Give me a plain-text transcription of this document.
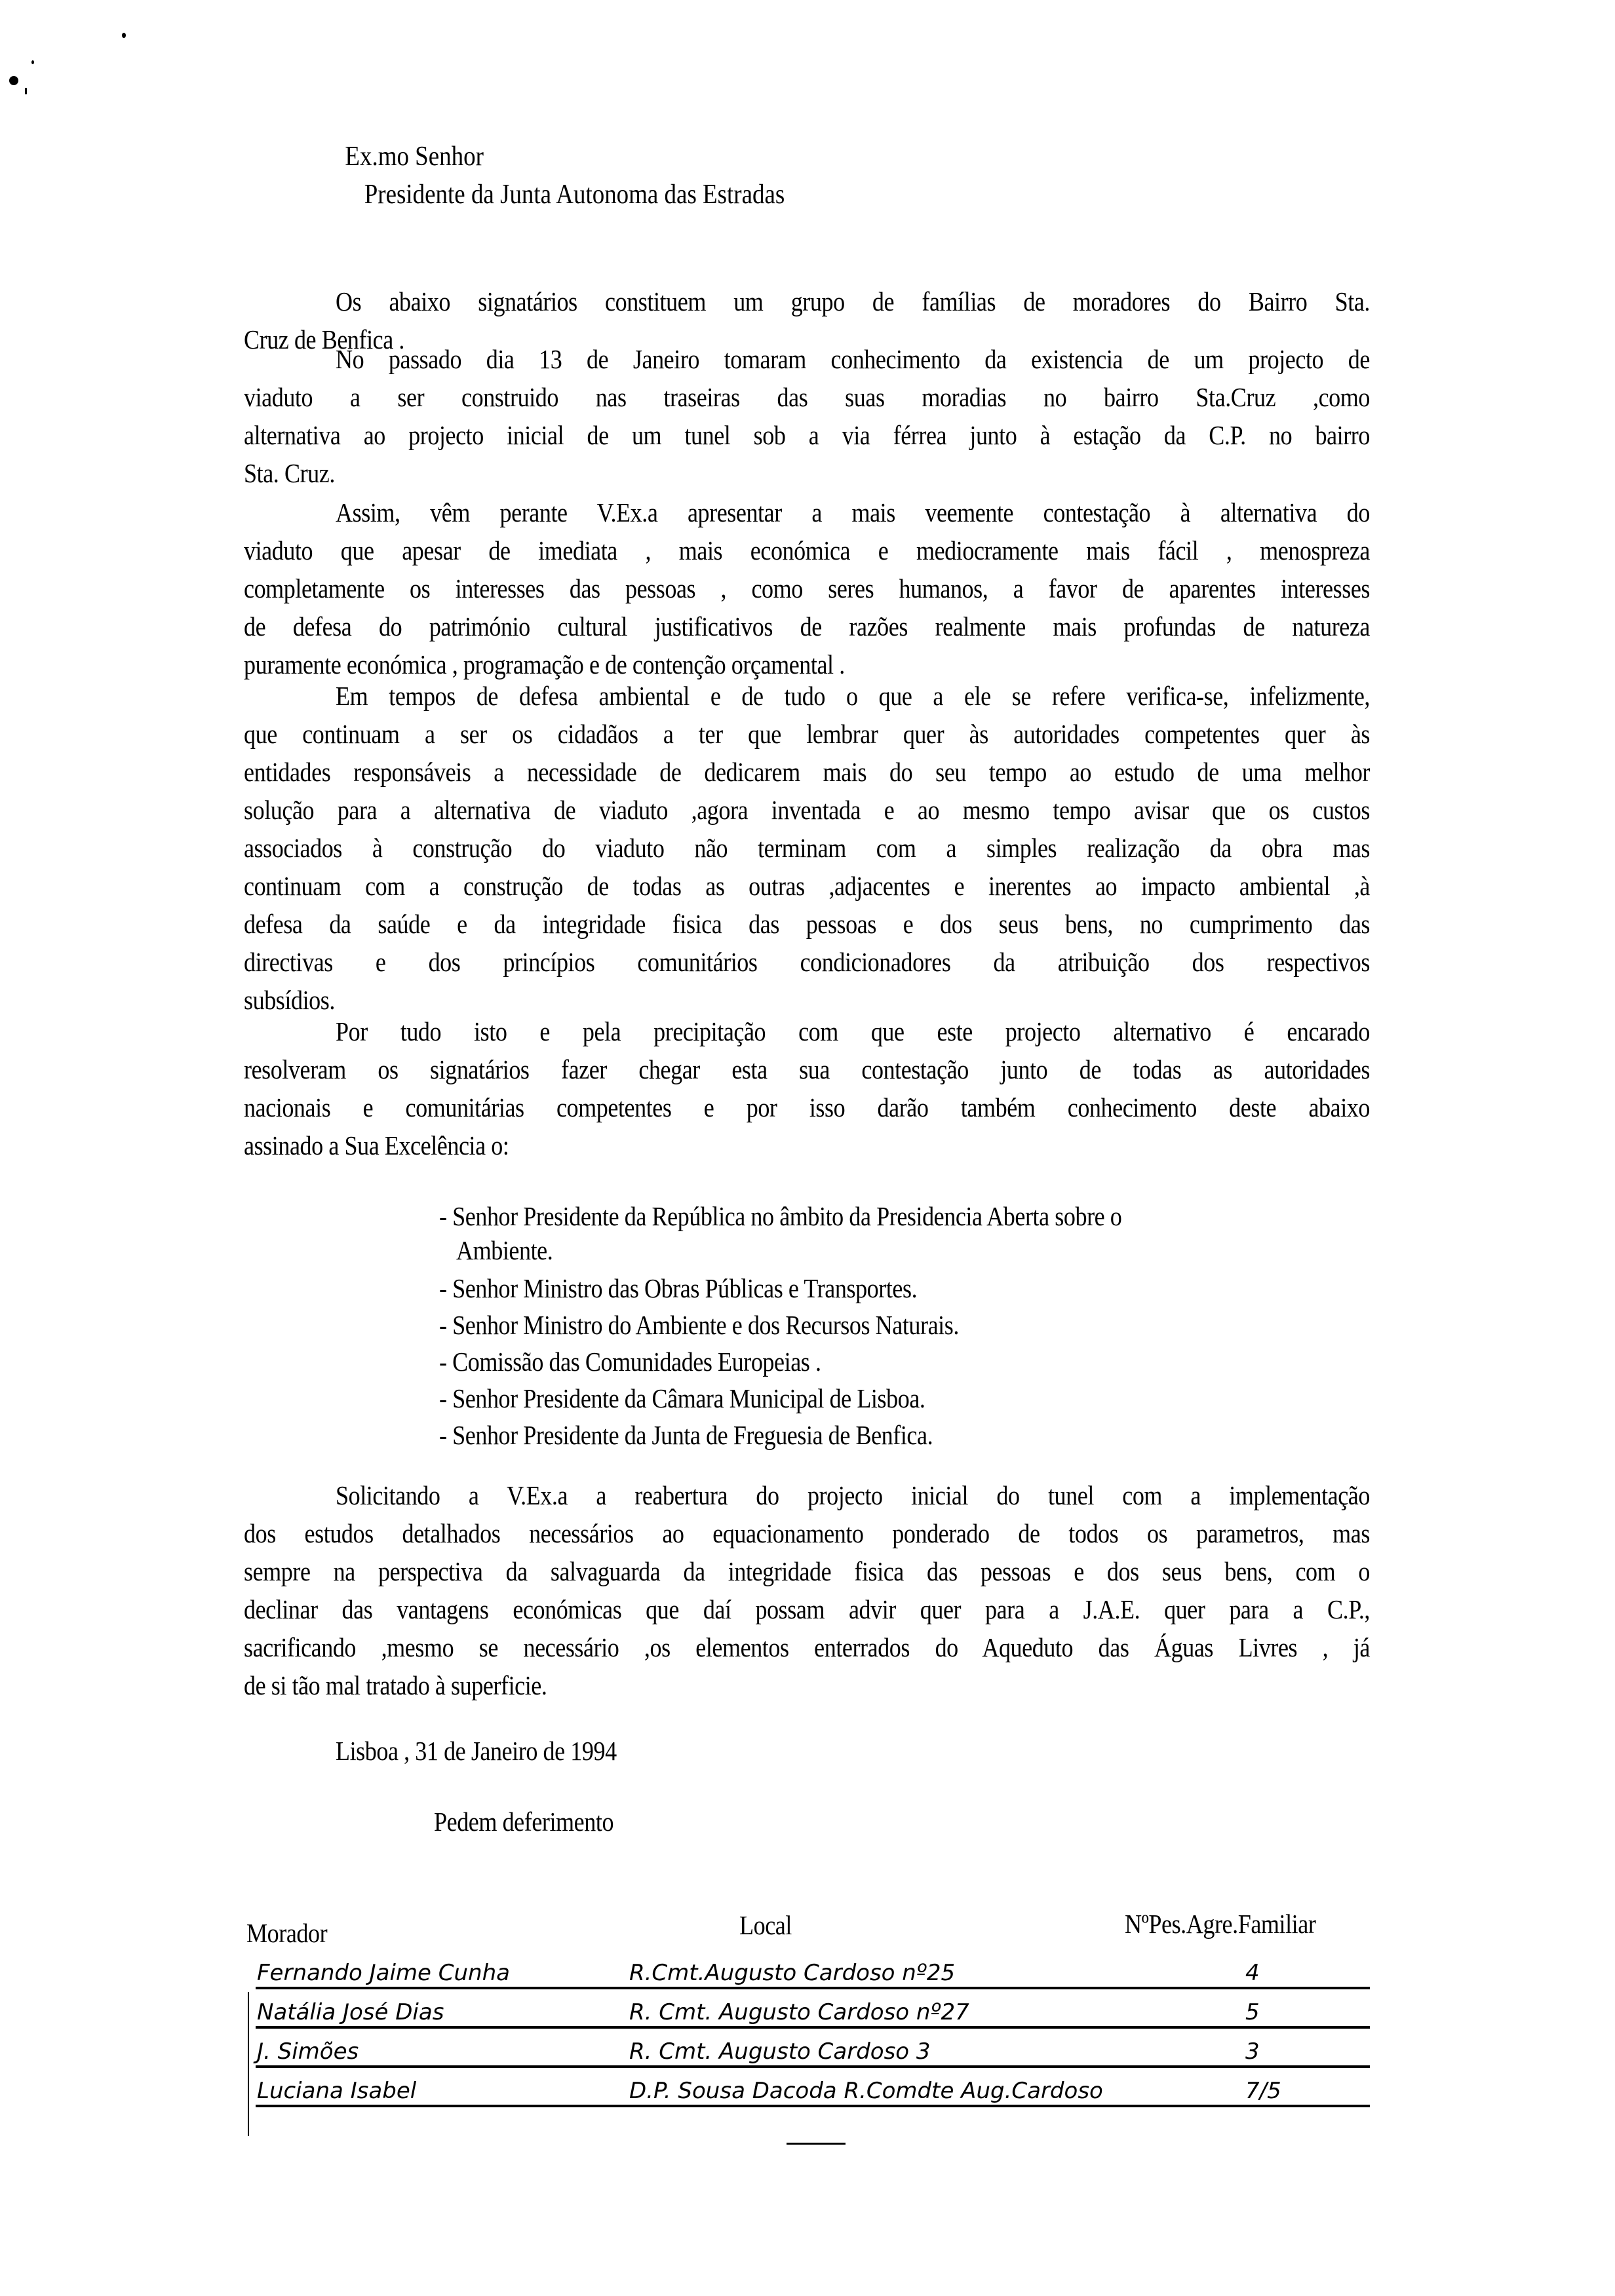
Ex.mo Senhor
Presidente da Junta Autonoma das Estradas
Os abaixo signatários constituem um grupo de famílias de moradores do Bairro Sta.
Cruz de Benfica .
No passado dia 13 de Janeiro tomaram conhecimento da existencia de um projecto de
viaduto a ser construido nas traseiras das suas moradias no bairro Sta.Cruz ,como
alternativa ao projecto inicial de um tunel sob a via férrea junto à estação da C.P. no bairro
Sta. Cruz.
Assim, vêm perante V.Ex.a apresentar a mais veemente contestação à alternativa do
viaduto que apesar de imediata , mais económica e mediocramente mais fácil , menospreza
completamente os interesses das pessoas , como seres humanos, a favor de aparentes interesses
de defesa do património cultural justificativos de razões realmente mais profundas de natureza
puramente económica , programação e de contenção orçamental .
Em tempos de defesa ambiental e de tudo o que a ele se refere verifica-se, infelizmente,
que continuam a ser os cidadãos a ter que lembrar quer às autoridades competentes quer às
entidades responsáveis a necessidade de dedicarem mais do seu tempo ao estudo de uma melhor
solução para a alternativa de viaduto ,agora inventada e ao mesmo tempo avisar que os custos
associados à construção do viaduto não terminam com a simples realização da obra mas
continuam com a construção de todas as outras ,adjacentes e inerentes ao impacto ambiental ,à
defesa da saúde e da integridade fisica das pessoas e dos seus bens, no cumprimento das
directivas e dos princípios comunitários condicionadores da atribuição dos respectivos
subsídios.
Por tudo isto e pela precipitação com que este projecto alternativo é encarado
resolveram os signatários fazer chegar esta sua contestação junto de todas as autoridades
nacionais e comunitárias competentes e por isso darão também conhecimento deste abaixo
assinado a Sua Excelência o:
- Senhor Presidente da República no âmbito da Presidencia Aberta sobre o
Ambiente.
- Senhor Ministro das Obras Públicas e Transportes.
- Senhor Ministro do Ambiente e dos Recursos Naturais.
- Comissão das Comunidades Europeias .
- Senhor Presidente da Câmara Municipal de Lisboa.
- Senhor Presidente da Junta de Freguesia de Benfica.
Solicitando a V.Ex.a a reabertura do projecto inicial do tunel com a implementação
dos estudos detalhados necessários ao equacionamento ponderado de todos os parametros, mas
sempre na perspectiva da salvaguarda da integridade fisica das pessoas e dos seus bens, com o
declinar das vantagens económicas que daí possam advir quer para a J.A.E. quer para a C.P.,
sacrificando ,mesmo se necessário ,os elementos enterrados do Aqueduto das Águas Livres , já
de si tão mal tratado à superficie.
Lisboa , 31 de Janeiro de 1994
Pedem deferimento
Morador	Local	NºPes.Agre.Familiar
Fernando Jaime Cunha	R.Cmt.Augusto Cardoso nº25	4
Natália José Dias	R. Cmt. Augusto Cardoso nº27	5
J. Simões	R. Cmt. Augusto Cardoso 3	3
Luciana Isabel	D.P. Sousa Dacoda R.Comdte Aug.Cardoso	7/5
